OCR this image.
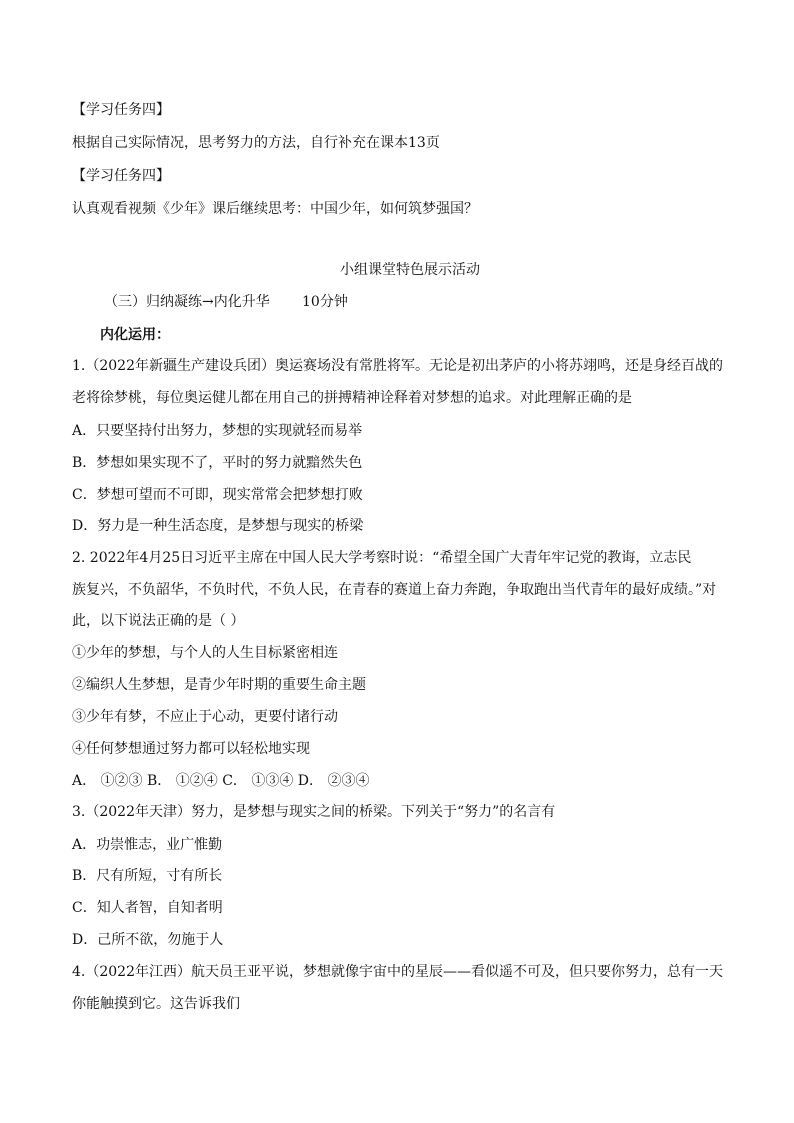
【学习任务四】
根据自己实际情况，思考努力的方法，自行补充在课本13页
【学习任务四】
认真观看视频《少年》课后继续思考：中国少年，如何筑梦强国？
小组课堂特色展示活动
（三）归纳凝练→内化升华 10分钟
内化运用：
1.（2022年新疆生产建设兵团）奥运赛场没有常胜将军。无论是初出茅庐的小将苏翊鸣，还是身经百战的
老将徐梦桃，每位奥运健儿都在用自己的拼搏精神诠释着对梦想的追求。对此理解正确的是
A．只要坚持付出努力，梦想的实现就轻而易举
B．梦想如果实现不了，平时的努力就黯然失色
C．梦想可望而不可即，现实常常会把梦想打败
D．努力是一种生活态度，是梦想与现实的桥梁
2. 2022年4月25日习近平主席在中国人民大学考察时说：“希望全国广大青年牢记党的教诲，立志民
族复兴，不负韶华，不负时代，不负人民，在青春的赛道上奋力奔跑，争取跑出当代青年的最好成绩。”对
此，以下说法正确的是（ ）
①少年的梦想，与个人的人生目标紧密相连
②编织人生梦想，是青少年时期的重要生命主题
③少年有梦，不应止于心动，更要付诸行动
④任何梦想通过努力都可以轻松地实现
A． ①②③ B． ①②④ C． ①③④ D． ②③④
3.（2022年天津）努力，是梦想与现实之间的桥梁。下列关于“努力”的名言有
A．功崇惟志，业广惟勤
B．尺有所短，寸有所长
C．知人者智，自知者明
D．己所不欲，勿施于人
4.（2022年江西）航天员王亚平说，梦想就像宇宙中的星辰——看似遥不可及，但只要你努力，总有一天
你能触摸到它。这告诉我们
